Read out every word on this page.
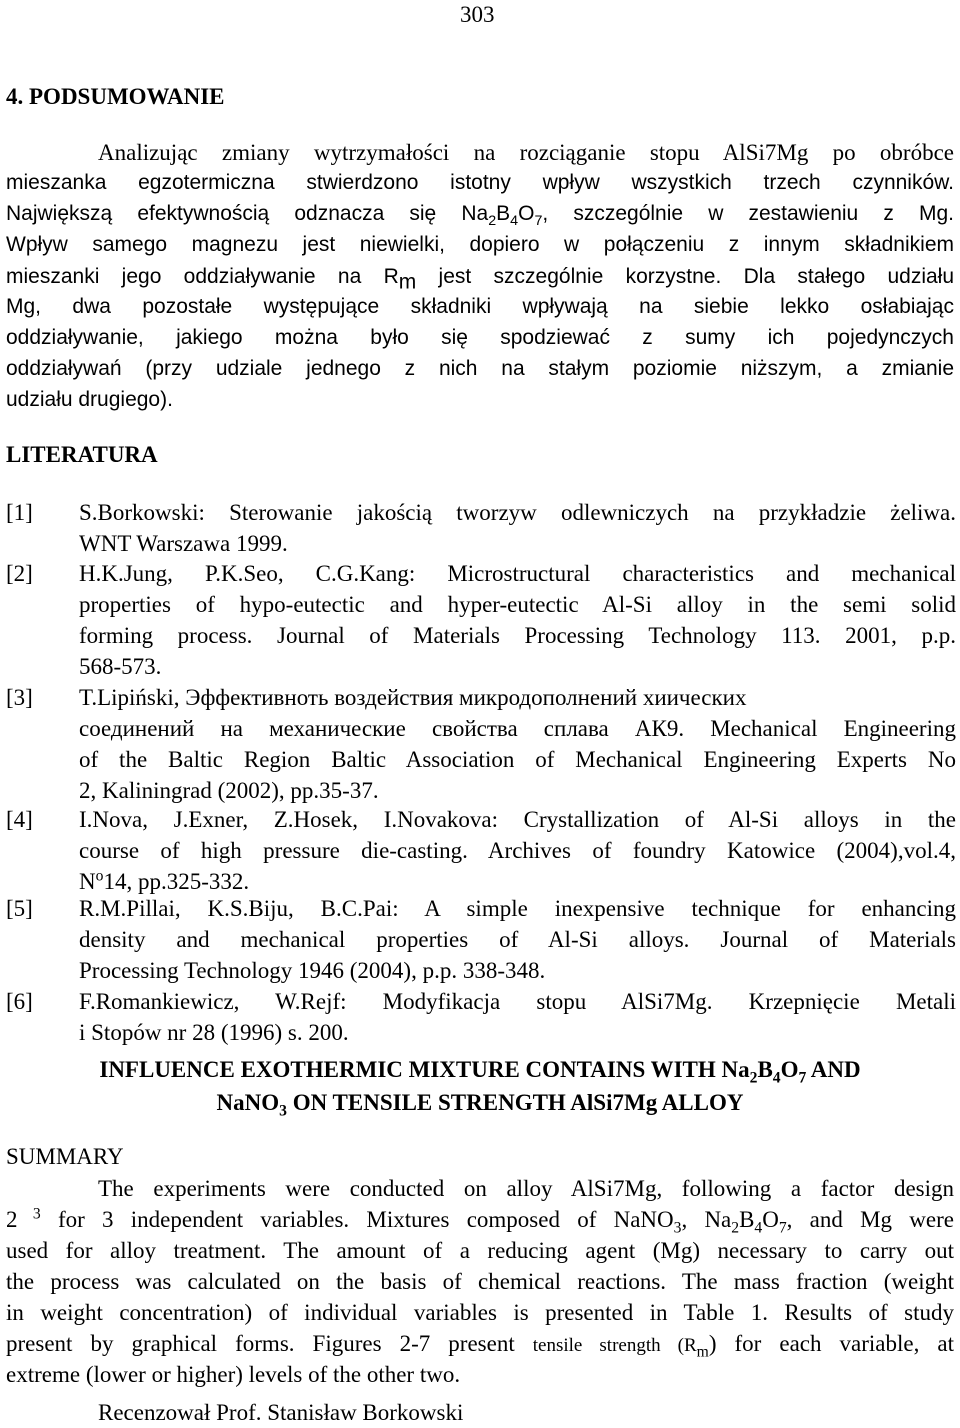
303
4. PODSUMOWANIE
Analizując zmiany wytrzymałości na rozciąganie stopu AlSi7Mg po obróbce
mieszanka egzotermiczna stwierdzono istotny wpływ wszystkich trzech czynników.
Największą efektywnością odznacza się $Na_2B_4O_7$, szczególnie w zestawieniu z Mg.
Wpływ samego magnezu jest niewielki, dopiero w połączeniu z innym składnikiem
mieszanki jego oddziaływanie na $R_m$ jest szczególnie korzystne. Dla stałego udziału
Mg, dwa pozostałe występujące składniki wpływają na siebie lekko osłabiając
oddziaływanie, jakiego można było się spodziewać z sumy ich pojedynczych
oddziaływań (przy udziale jednego z nich na stałym poziomie niższym, a zmianie
udziału drugiego).
LITERATURA
[1] S.Borkowski: Sterowanie jakością tworzyw odlewniczych na przykładzie żeliwa.
WNT Warszawa 1999.
[2] H.K.Jung, P.K.Seo, C.G.Kang: Microstructural characteristics and mechanical
properties of hypo-eutectic and hyper-eutectic Al-Si alloy in the semi solid
forming process. Journal of Materials Processing Technology 113. 2001, p.p.
568-573.
[3] T.Lipiński, Эффективноть воздействия микродополнений хиических
соединений на механические свойства сплава АК9. Mechanical Engineering
of the Baltic Region Baltic Association of Mechanical Engineering Experts No
2, Kaliningrad (2002), pp.35-37.
[4] I.Nova, J.Exner, Z.Hosek, I.Novakova: Crystallization of Al-Si alloys in the
course of high pressure die-casting. Archives of foundry Katowice (2004),vol.4,
$N^o14$, pp.325-332.
[5] R.M.Pillai, K.S.Biju, B.C.Pai: A simple inexpensive technique for enhancing
density and mechanical properties of Al-Si alloys. Journal of Materials
Processing Technology 1946 (2004), p.p. 338-348.
[6] F.Romankiewicz, W.Rejf: Modyfikacja stopu AlSi7Mg. Krzepnięcie Metali
i Stopów nr 28 (1996) s. 200.
INFLUENCE EXOTHERMIC MIXTURE CONTAINS WITH $Na_2B_4O_7$ AND
NaNO$_3$ ON TENSILE STRENGTH AlSi7Mg ALLOY
SUMMARY
The experiments were conducted on alloy AlSi7Mg, following a factor design
2 $^3$ for 3 independent variables. Mixtures composed of NaNO$_3$, $Na_2B_4O_7$, and Mg were
used for alloy treatment. The amount of a reducing agent (Mg) necessary to carry out
the process was calculated on the basis of chemical reactions. The mass fraction (weight
in weight concentration) of individual variables is presented in Table 1. Results of study
present by graphical forms. Figures 2-7 present tensile strength $(R_m)$ for each variable, at
extreme (lower or higher) levels of the other two.
Recenzował Prof. Stanisław Borkowski
